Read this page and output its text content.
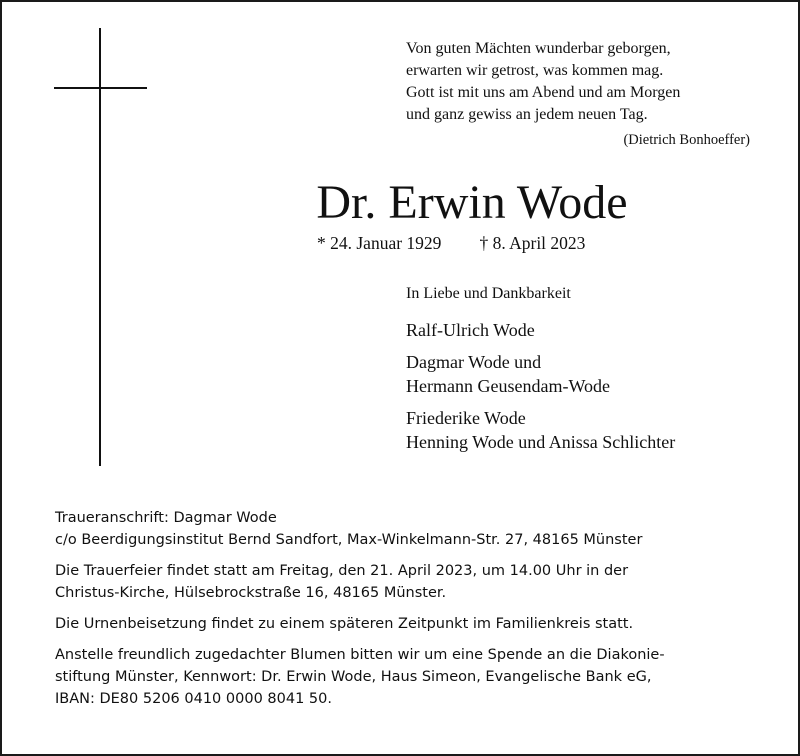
Von guten Mächten wunderbar geborgen,
erwarten wir getrost, was kommen mag.
Gott ist mit uns am Abend und am Morgen
und ganz gewiss an jedem neuen Tag.
(Dietrich Bonhoeffer)
Dr. Erwin Wode
* 24. Januar 1929 † 8. April 2023
In Liebe und Dankbarkeit
Ralf-Ulrich Wode
Dagmar Wode und
Hermann Geusendam-Wode
Friederike Wode
Henning Wode und Anissa Schlichter
Traueranschrift: Dagmar Wode
c/o Beerdigungsinstitut Bernd Sandfort, Max-Winkelmann-Str. 27, 48165 Münster
Die Trauerfeier findet statt am Freitag, den 21. April 2023, um 14.00 Uhr in der
Christus-Kirche, Hülsebrockstraße 16, 48165 Münster.
Die Urnenbeisetzung findet zu einem späteren Zeitpunkt im Familienkreis statt.
Anstelle freundlich zugedachter Blumen bitten wir um eine Spende an die Diakonie-
stiftung Münster, Kennwort: Dr. Erwin Wode, Haus Simeon, Evangelische Bank eG,
IBAN: DE80 5206 0410 0000 8041 50.
